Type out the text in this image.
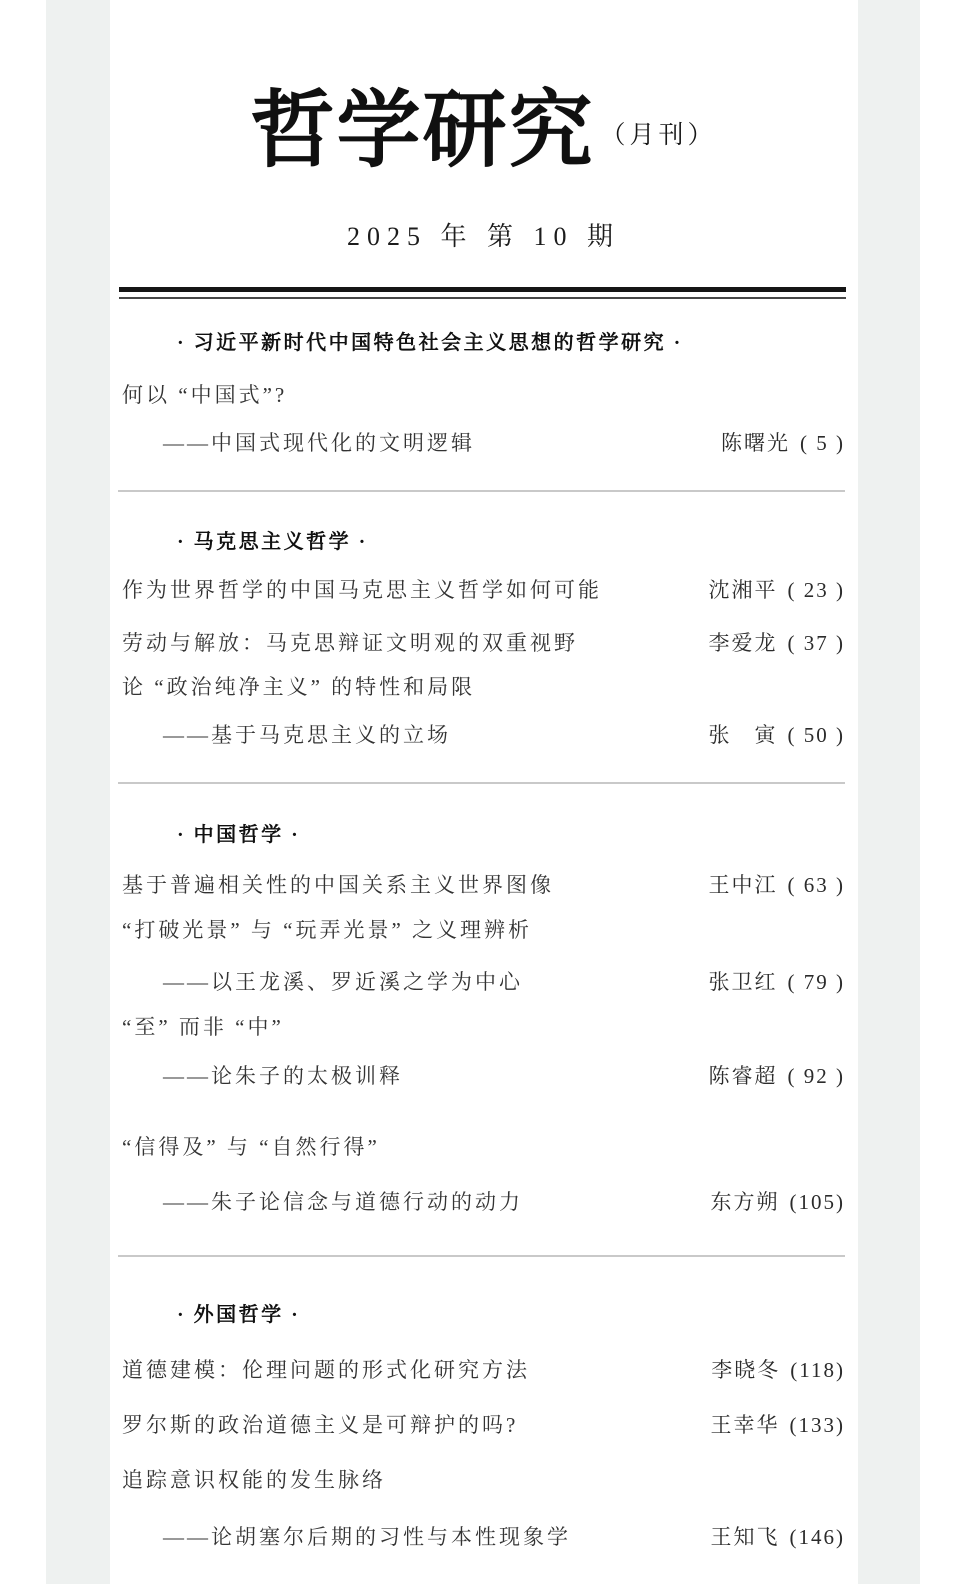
哲学研究 （月刊）
2025 年 第 10 期
· 习近平新时代中国特色社会主义思想的哲学研究 ·
何以 “中国式”?
——中国式现代化的文明逻辑	陈曙光 ( 5 )
· 马克思主义哲学 ·
作为世界哲学的中国马克思主义哲学如何可能	沈湘平 ( 23 )
劳动与解放：马克思辩证文明观的双重视野	李爱龙 ( 37 )
论 “政治纯净主义” 的特性和局限
——基于马克思主义的立场	张　寅 ( 50 )
· 中国哲学 ·
基于普遍相关性的中国关系主义世界图像	王中江 ( 63 )
“打破光景” 与 “玩弄光景” 之义理辨析
——以王龙溪、罗近溪之学为中心	张卫红 ( 79 )
“至” 而非 “中”
——论朱子的太极训释	陈睿超 ( 92 )
“信得及” 与 “自然行得”
——朱子论信念与道德行动的动力	东方朔 (105)
· 外国哲学 ·
道德建模：伦理问题的形式化研究方法	李晓冬 (118)
罗尔斯的政治道德主义是可辩护的吗?	王幸华 (133)
追踪意识权能的发生脉络
——论胡塞尔后期的习性与本性现象学	王知飞 (146)
